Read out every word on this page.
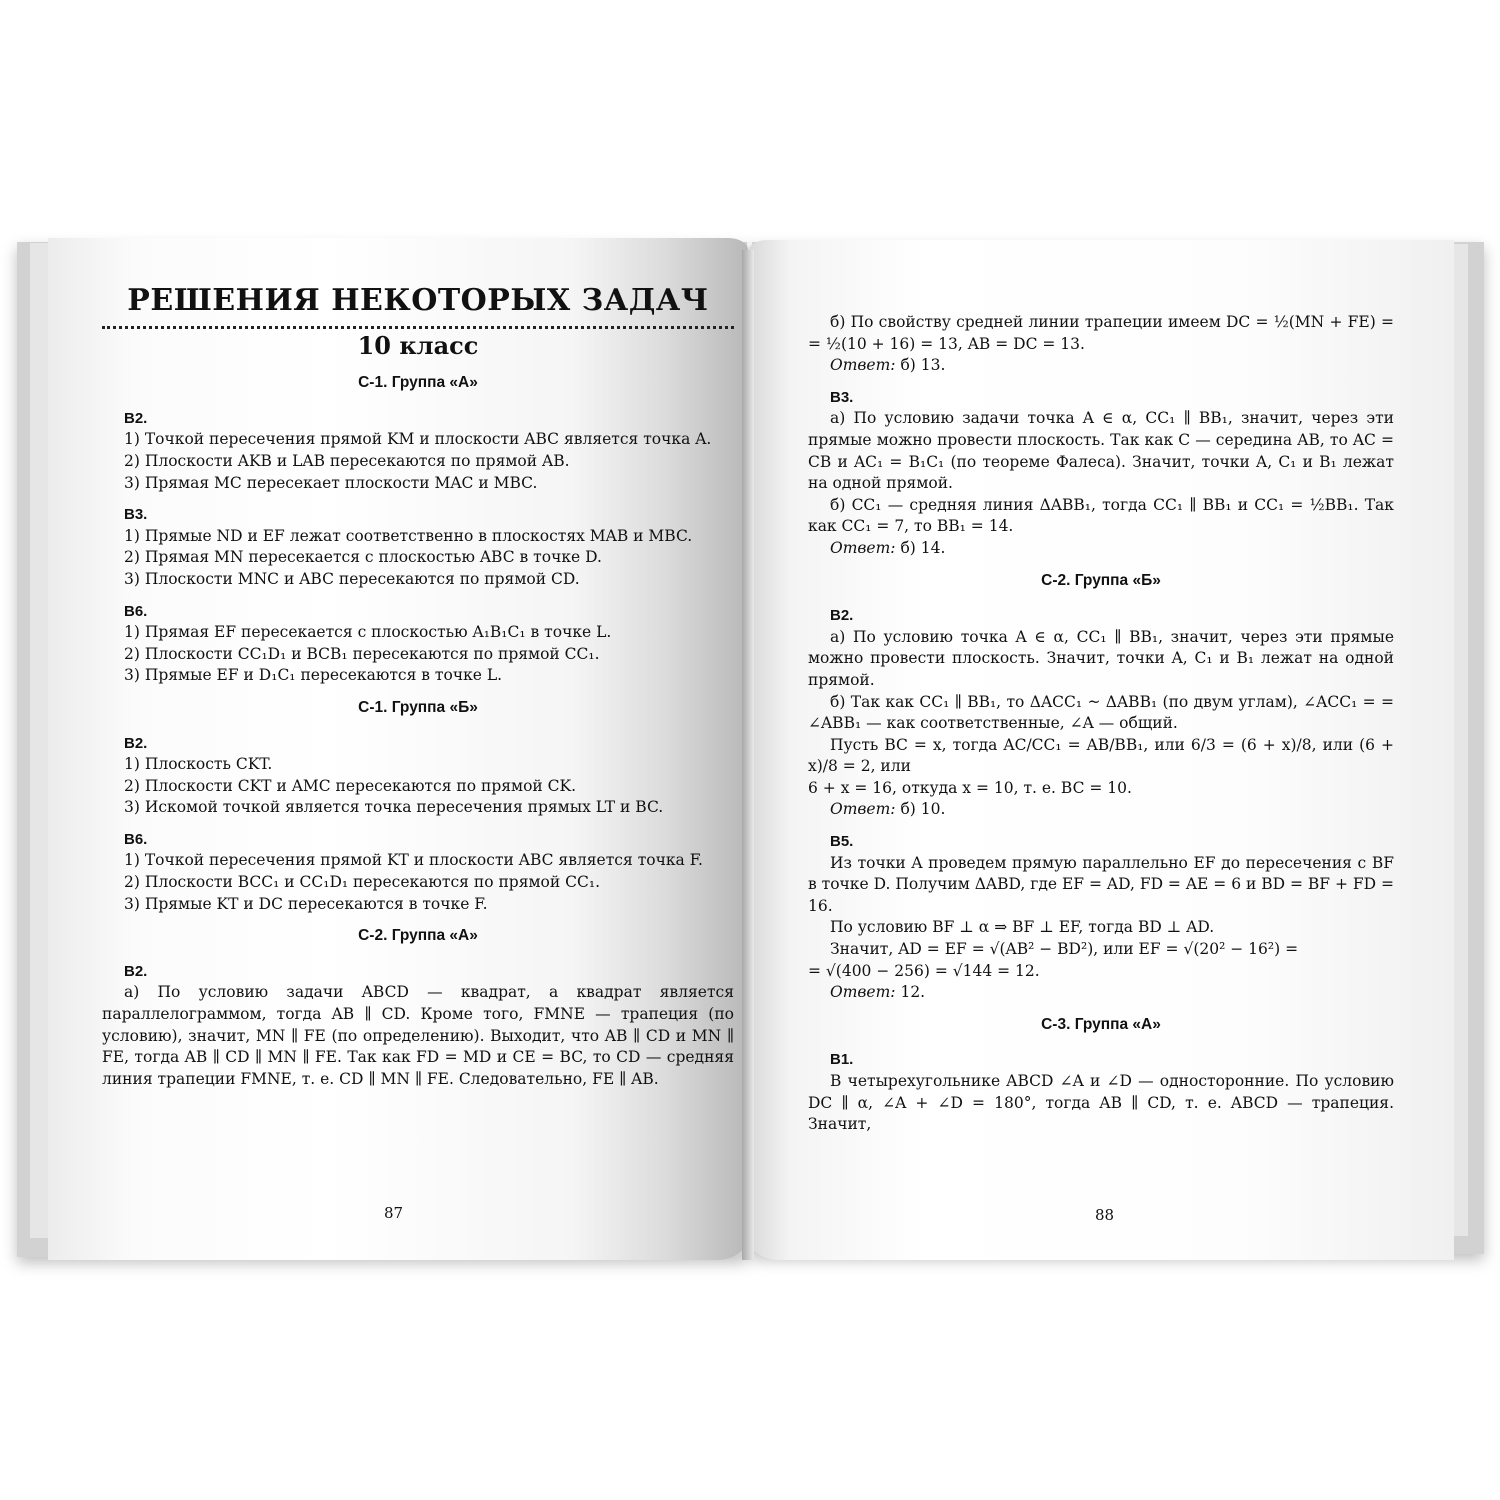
РЕШЕНИЯ НЕКОТОРЫХ ЗАДАЧ
10 класс
С-1. Группа «А»
В2.
1) Точкой пересечения прямой KM и плоскости ABC является точка A.
2) Плоскости AKB и LAB пересекаются по прямой AB.
3) Прямая MC пересекает плоскости MAC и MBC.
В3.
1) Прямые ND и EF лежат соответственно в плоскостях MAB и MBC.
2) Прямая MN пересекается с плоскостью ABC в точке D.
3) Плоскости MNC и ABC пересекаются по прямой CD.
В6.
1) Прямая EF пересекается с плоскостью A₁B₁C₁ в точке L.
2) Плоскости CC₁D₁ и BCB₁ пересекаются по прямой CC₁.
3) Прямые EF и D₁C₁ пересекаются в точке L.
С-1. Группа «Б»
В2.
1) Плоскость CKT.
2) Плоскости CKT и AMC пересекаются по прямой CK.
3) Искомой точкой является точка пересечения прямых LT и BC.
В6.
1) Точкой пересечения прямой KT и плоскости ABC является точка F.
2) Плоскости BCC₁ и CC₁D₁ пересекаются по прямой CC₁.
3) Прямые KT и DC пересекаются в точке F.
С-2. Группа «А»
В2.
а) По условию задачи ABCD — квадрат, а квадрат является параллелограммом, тогда AB ∥ CD. Кроме того, FMNE — трапеция (по условию), значит, MN ∥ FE (по определению). Выходит, что AB ∥ CD и MN ∥ FE, тогда AB ∥ CD ∥ MN ∥ FE. Так как FD = MD и CE = BC, то CD — средняя линия трапеции FMNE, т. е. CD ∥ MN ∥ FE. Следовательно, FE ∥ AB.
87
б) По свойству средней линии трапеции имеем DC = ½(MN + FE) = = ½(10 + 16) = 13, AB = DC = 13.
Ответ: б) 13.
В3.
а) По условию задачи точка A ∈ α, CC₁ ∥ BB₁, значит, через эти прямые можно провести плоскость. Так как C — середина AB, то AC = CB и AC₁ = B₁C₁ (по теореме Фалеса). Значит, точки A, C₁ и B₁ лежат на одной прямой.
б) CC₁ — средняя линия ΔABB₁, тогда CC₁ ∥ BB₁ и CC₁ = ½BB₁. Так как CC₁ = 7, то BB₁ = 14.
Ответ: б) 14.
С-2. Группа «Б»
В2.
а) По условию точка A ∈ α, CC₁ ∥ BB₁, значит, через эти прямые можно провести плоскость. Значит, точки A, C₁ и B₁ лежат на одной прямой.
б) Так как CC₁ ∥ BB₁, то ΔACC₁ ~ ΔABB₁ (по двум углам), ∠ACC₁ = = ∠ABB₁ — как соответственные, ∠A — общий.
Пусть BC = x, тогда AC/CC₁ = AB/BB₁, или 6/3 = (6 + x)/8, или (6 + x)/8 = 2, или
6 + x = 16, откуда x = 10, т. е. BC = 10.
Ответ: б) 10.
В5.
Из точки A проведем прямую параллельно EF до пересечения с BF в точке D. Получим ΔABD, где EF = AD, FD = AE = 6 и BD = BF + FD = 16.
По условию BF ⊥ α ⇒ BF ⊥ EF, тогда BD ⊥ AD.
Значит, AD = EF = √(AB² − BD²), или EF = √(20² − 16²) =
= √(400 − 256) = √144 = 12.
Ответ: 12.
С-3. Группа «А»
В1.
В четырехугольнике ABCD ∠A и ∠D — односторонние. По условию DC ∥ α, ∠A + ∠D = 180°, тогда AB ∥ CD, т. е. ABCD — трапеция. Значит,
88
